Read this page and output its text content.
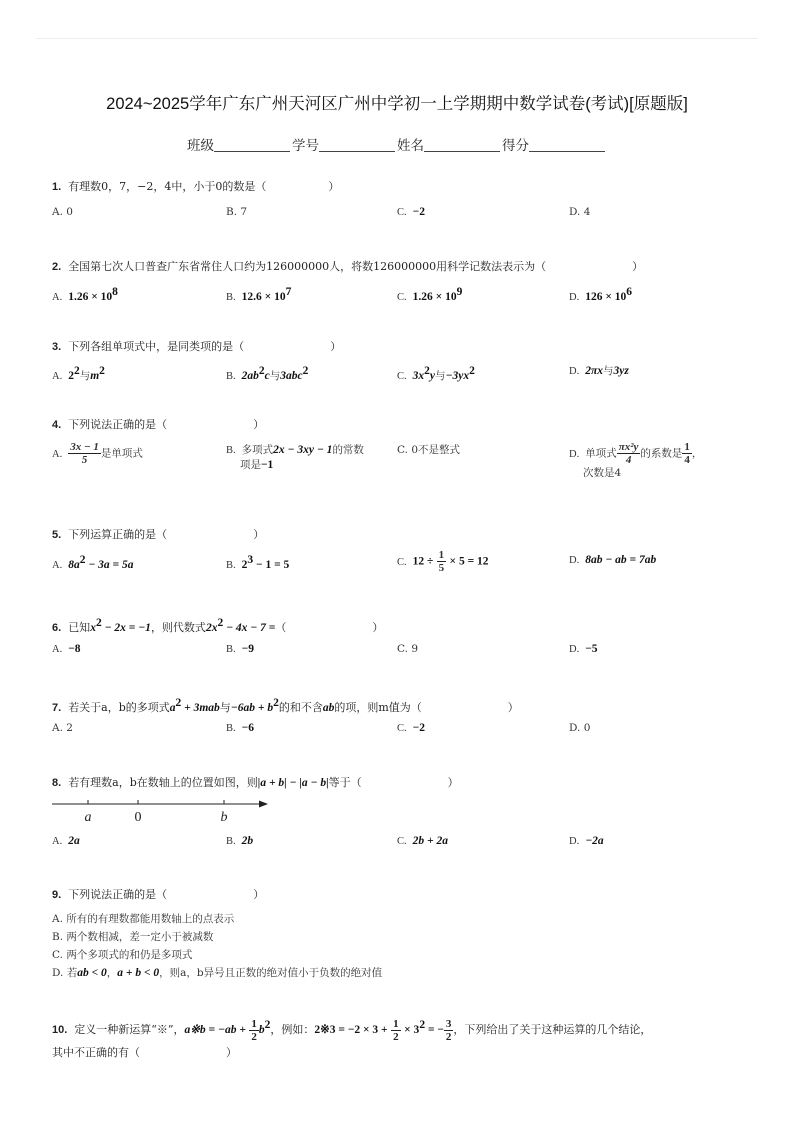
2024~2025学年广东广州天河区广州中学初一上学期期中数学试卷(考试)[原题版]
班级	学号	姓名	得分
1. 有理数0，7，−2，4中，小于0的数是（	）
A. 0	B. 7	C. −2	D. 4
2. 全国第七次人口普查广东省常住人口约为126000000人，将数126000000用科学记数法表示为（	）
A. $1.26 \times 10^8$	B. $12.6 \times 10^7$	C. $1.26 \times 10^9$	D. $126 \times 10^6$
3. 下列各组单项式中，是同类项的是（	）
A. $2^2$与$m^2$	B. $2ab^2c$与3abc$^2$	C. $3x^2y$与$-3yx^2$	D. 2πx与3yz
4. 下列说法正确的是（	）
A. $\frac{3x - 1}{5}$ 是单项式	B. 多项式2x − 3xy − 1的常数
项是−1
C. 0不是整式	D. 单项式 $\frac{\text{πx²y}}{4}$ 的系数是 $\frac{1}{4}$ ，
次数是4
5. 下列运算正确的是（	）
A. $8a^2 - 3a = 5a$	B. $2^3 - 1 = 5$	C. $12 \div \frac{1}{5} \times 5 = 12$	D. 8ab − ab = 7ab
6. 已知$x^2 - 2x = -1$，则代数式$2x^2 - 4x - 7$ =（	）
A. −8	B. −9	C. 9	D. −5
7. 若关于a，b的多项式$a^2 + 3mab$与$-6ab + b^2$的和不含ab的项，则m值为（	）
A. 2	B. −6	C. −2	D. 0
8. 若有理数a，b在数轴上的位置如图，则|a + b| − |a − b|等于（	）
a	0	b
A. 2a	B. 2b	C. 2b + 2a	D. −2a
9. 下列说法正确的是（	）
A. 所有的有理数都能用数轴上的点表示
B. 两个数相减，差一定小于被减数
C. 两个多项式的和仍是多项式
D. 若ab < 0，a + b < 0，则a，b异号且正数的绝对值小于负数的绝对值
10. 定义一种新运算“※”，a※b = $-ab + \frac{1}{2} b^2$，例如：2※3 = $-2 \times 3 + \frac{1}{2} \times 3^2$ = − $\frac{3}{2}$ ，下列给出了关于这种运算的几个结论，
其中不正确的有（	）
